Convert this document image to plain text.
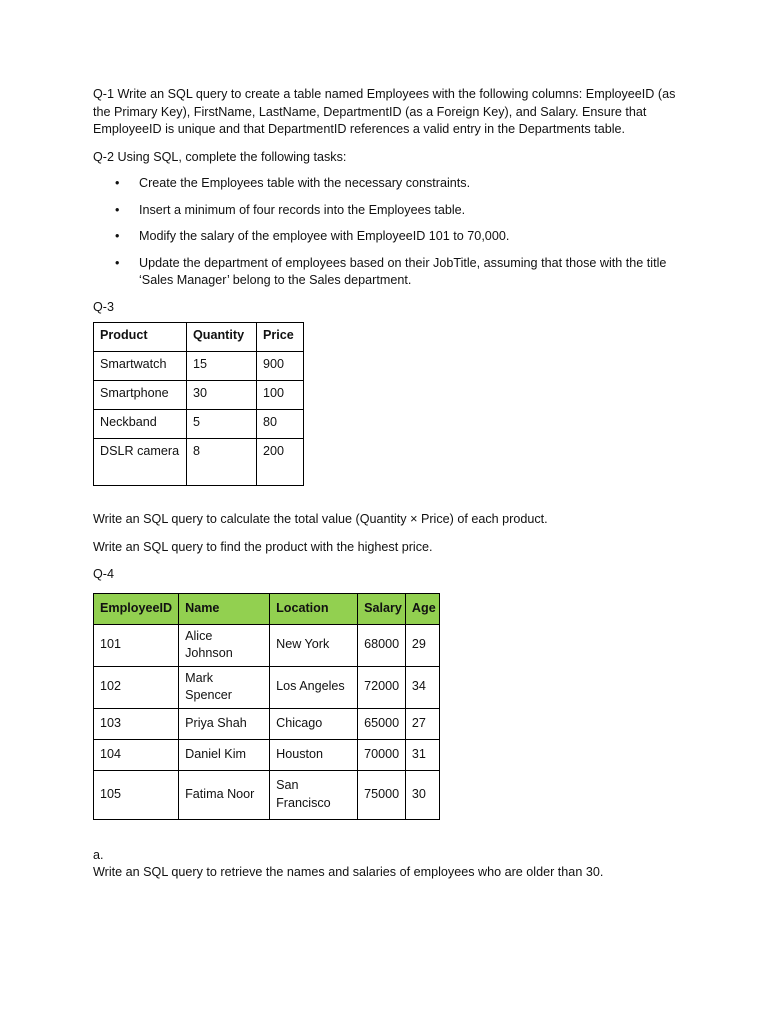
Q-1 Write an SQL query to create a table named Employees with the following columns: EmployeeID (as the Primary Key), FirstName, LastName, DepartmentID (as a Foreign Key), and Salary. Ensure that EmployeeID is unique and that DepartmentID references a valid entry in the Departments table.

Q-2 Using SQL, complete the following tasks:

• Create the Employees table with the necessary constraints.
• Insert a minimum of four records into the Employees table.
• Modify the salary of the employee with EmployeeID 101 to 70,000.
• Update the department of employees based on their JobTitle, assuming that those with the title ‘Sales Manager’ belong to the Sales department.

Q-3

Product	Quantity	Price
Smartwatch	15	900
Smartphone	30	100
Neckband	5	80
DSLR camera	8	200

Write an SQL query to calculate the total value (Quantity × Price) of each product.

Write an SQL query to find the product with the highest price.

Q-4

EmployeeID	Name	Location	Salary	Age
101	Alice Johnson	New York	68000	29
102	Mark Spencer	Los Angeles	72000	34
103	Priya Shah	Chicago	65000	27
104	Daniel Kim	Houston	70000	31
105	Fatima Noor	San Francisco	75000	30

a.

Write an SQL query to retrieve the names and salaries of employees who are older than 30.
